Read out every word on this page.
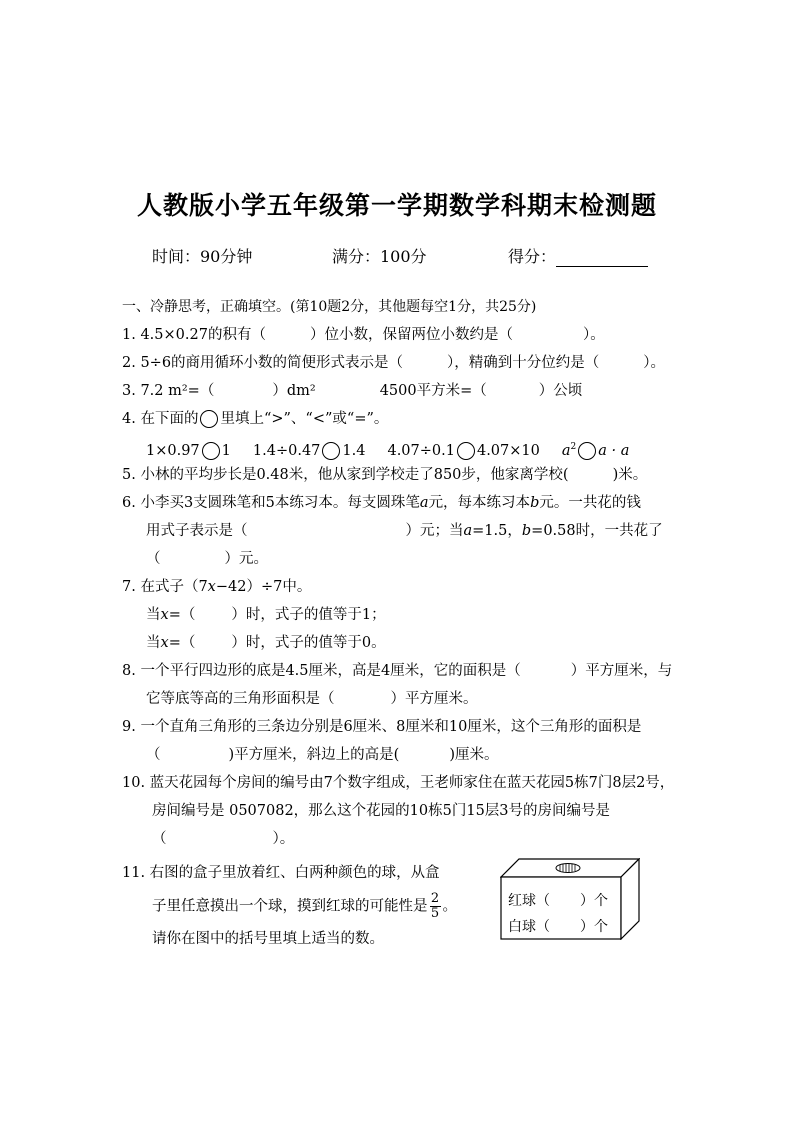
人教版小学五年级第一学期数学科期末检测题
时间：90分钟	满分：100分	得分：
一、冷静思考，正确填空。(第10题2分，其他题每空1分，共25分)
1. 4.5×0.27的积有（	）位小数，保留两位小数约是（	）。
2. 5÷6的商用循环小数的简便形式表示是（	），精确到十分位约是（	）。
3. 7.2 m²=（	）dm²	4500平方米=（	）公顷
4. 在下面的 里填上“>”、“<”或“=”。
1×0.97 1 1.4÷0.47 1.4 4.07÷0.1 4.07×10 $a^2$ a · a
5. 小林的平均步长是0.48米，他从家到学校走了850步，他家离学校(	)米。
6. 小李买3支圆珠笔和5本练习本。每支圆珠笔a元，每本练习本b元。一共花的钱
用式子表示是（	）元；当a=1.5，b=0.58时，一共花了
（	）元。
7. 在式子（7x−42）÷7中。
当x=（ ）时，式子的值等于1；
当x=（ ）时，式子的值等于0。
8. 一个平行四边形的底是4.5厘米，高是4厘米，它的面积是（	）平方厘米，与
它等底等高的三角形面积是（	）平方厘米。
9. 一个直角三角形的三条边分别是6厘米、8厘米和10厘米，这个三角形的面积是
（	)平方厘米，斜边上的高是(	)厘米。
10. 蓝天花园每个房间的编号由7个数字组成，王老师家住在蓝天花园5栋7门8层2号，
房间编号是 0507082，那么这个花园的10栋5门15层3号的房间编号是
（	）。
11. 右图的盒子里放着红、白两种颜色的球，从盒
子里任意摸出一个球，摸到红球的可能性是 $\frac{2}{5}$ 。
请你在图中的括号里填上适当的数。
红球（ ）个
白球（ ）个
